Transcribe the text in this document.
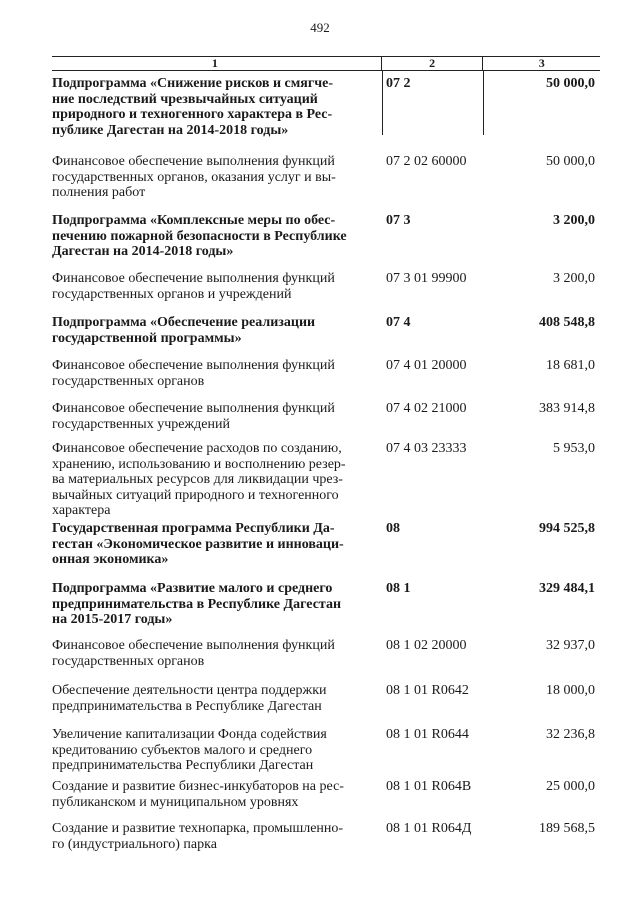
492
1	2	3
Подпрограмма «Снижение рисков и смягче-
ние последствий чрезвычайных ситуаций
природного и техногенного характера в Рес-
публике Дагестан на 2014-2018 годы»
07 2	50 000,0
Финансовое обеспечение выполнения функций
государственных органов, оказания услуг и вы-
полнения работ
07 2 02 60000	50 000,0
Подпрограмма «Комплексные меры по обес-
печению пожарной безопасности в Республике
Дагестан на 2014-2018 годы»
07 3	3 200,0
Финансовое обеспечение выполнения функций
государственных органов и учреждений
07 3 01 99900	3 200,0
Подпрограмма «Обеспечение реализации
государственной программы»
07 4	408 548,8
Финансовое обеспечение выполнения функций
государственных органов
07 4 01 20000	18 681,0
Финансовое обеспечение выполнения функций
государственных учреждений
07 4 02 21000	383 914,8
Финансовое обеспечение расходов по созданию,
хранению, использованию и восполнению резер-
ва материальных ресурсов для ликвидации чрез-
вычайных ситуаций природного и техногенного
характера
07 4 03 23333	5 953,0
Государственная программа Республики Да-
гестан «Экономическое развитие и инноваци-
онная экономика»
08	994 525,8
Подпрограмма «Развитие малого и среднего
предпринимательства в Республике Дагестан
на 2015-2017 годы»
08 1	329 484,1
Финансовое обеспечение выполнения функций
государственных органов
08 1 02 20000	32 937,0
Обеспечение деятельности центра поддержки
предпринимательства в Республике Дагестан
08 1 01 R0642	18 000,0
Увеличение капитализации Фонда содействия
кредитованию субъектов малого и среднего
предпринимательства Республики Дагестан
08 1 01 R0644	32 236,8
Создание и развитие бизнес-инкубаторов на рес-
публиканском и муниципальном уровнях
08 1 01 R064B	25 000,0
Создание и развитие технопарка, промышленно-
го (индустриального) парка
08 1 01 R064Д	189 568,5
